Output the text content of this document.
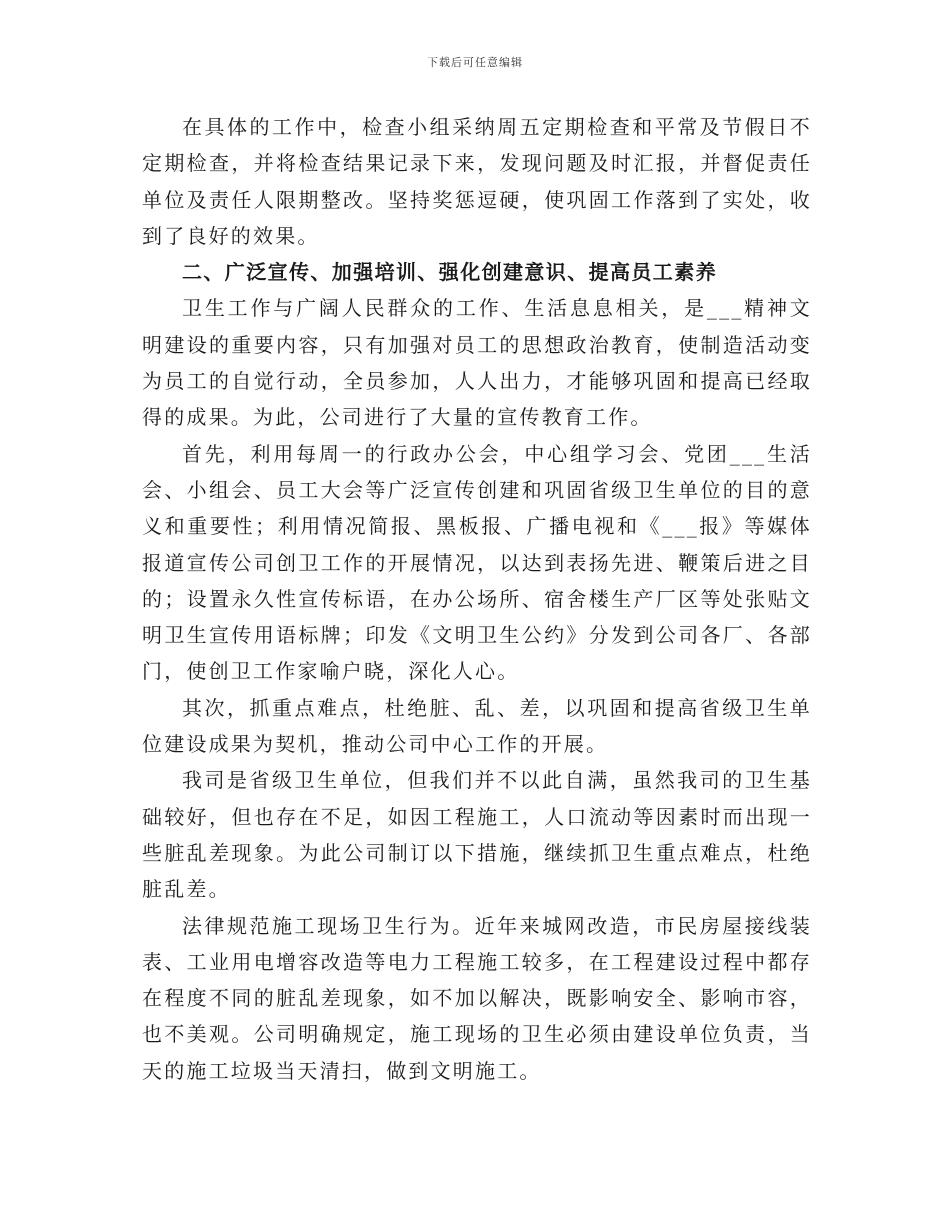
下载后可任意编辑

在具体的工作中，检查小组采纳周五定期检查和平常及节假日不定期检查，并将检查结果记录下来，发现问题及时汇报，并督促责任单位及责任人限期整改。坚持奖惩逗硬，使巩固工作落到了实处，收到了良好的效果。

二、广泛宣传、加强培训、强化创建意识、提高员工素养

卫生工作与广阔人民群众的工作、生活息息相关，是___精神文明建设的重要内容，只有加强对员工的思想政治教育，使制造活动变为员工的自觉行动，全员参加，人人出力，才能够巩固和提高已经取得的成果。为此，公司进行了大量的宣传教育工作。

首先，利用每周一的行政办公会，中心组学习会、党团___生活会、小组会、员工大会等广泛宣传创建和巩固省级卫生单位的目的意义和重要性；利用情况简报、黑板报、广播电视和《___报》等媒体报道宣传公司创卫工作的开展情况，以达到表扬先进、鞭策后进之目的；设置永久性宣传标语，在办公场所、宿舍楼生产厂区等处张贴文明卫生宣传用语标牌；印发《文明卫生公约》分发到公司各厂、各部门，使创卫工作家喻户晓，深化人心。

其次，抓重点难点，杜绝脏、乱、差，以巩固和提高省级卫生单位建设成果为契机，推动公司中心工作的开展。

我司是省级卫生单位，但我们并不以此自满，虽然我司的卫生基础较好，但也存在不足，如因工程施工，人口流动等因素时而出现一些脏乱差现象。为此公司制订以下措施，继续抓卫生重点难点，杜绝脏乱差。

法律规范施工现场卫生行为。近年来城网改造，市民房屋接线装表、工业用电增容改造等电力工程施工较多，在工程建设过程中都存在程度不同的脏乱差现象，如不加以解决，既影响安全、影响市容，也不美观。公司明确规定，施工现场的卫生必须由建设单位负责，当天的施工垃圾当天清扫，做到文明施工。
